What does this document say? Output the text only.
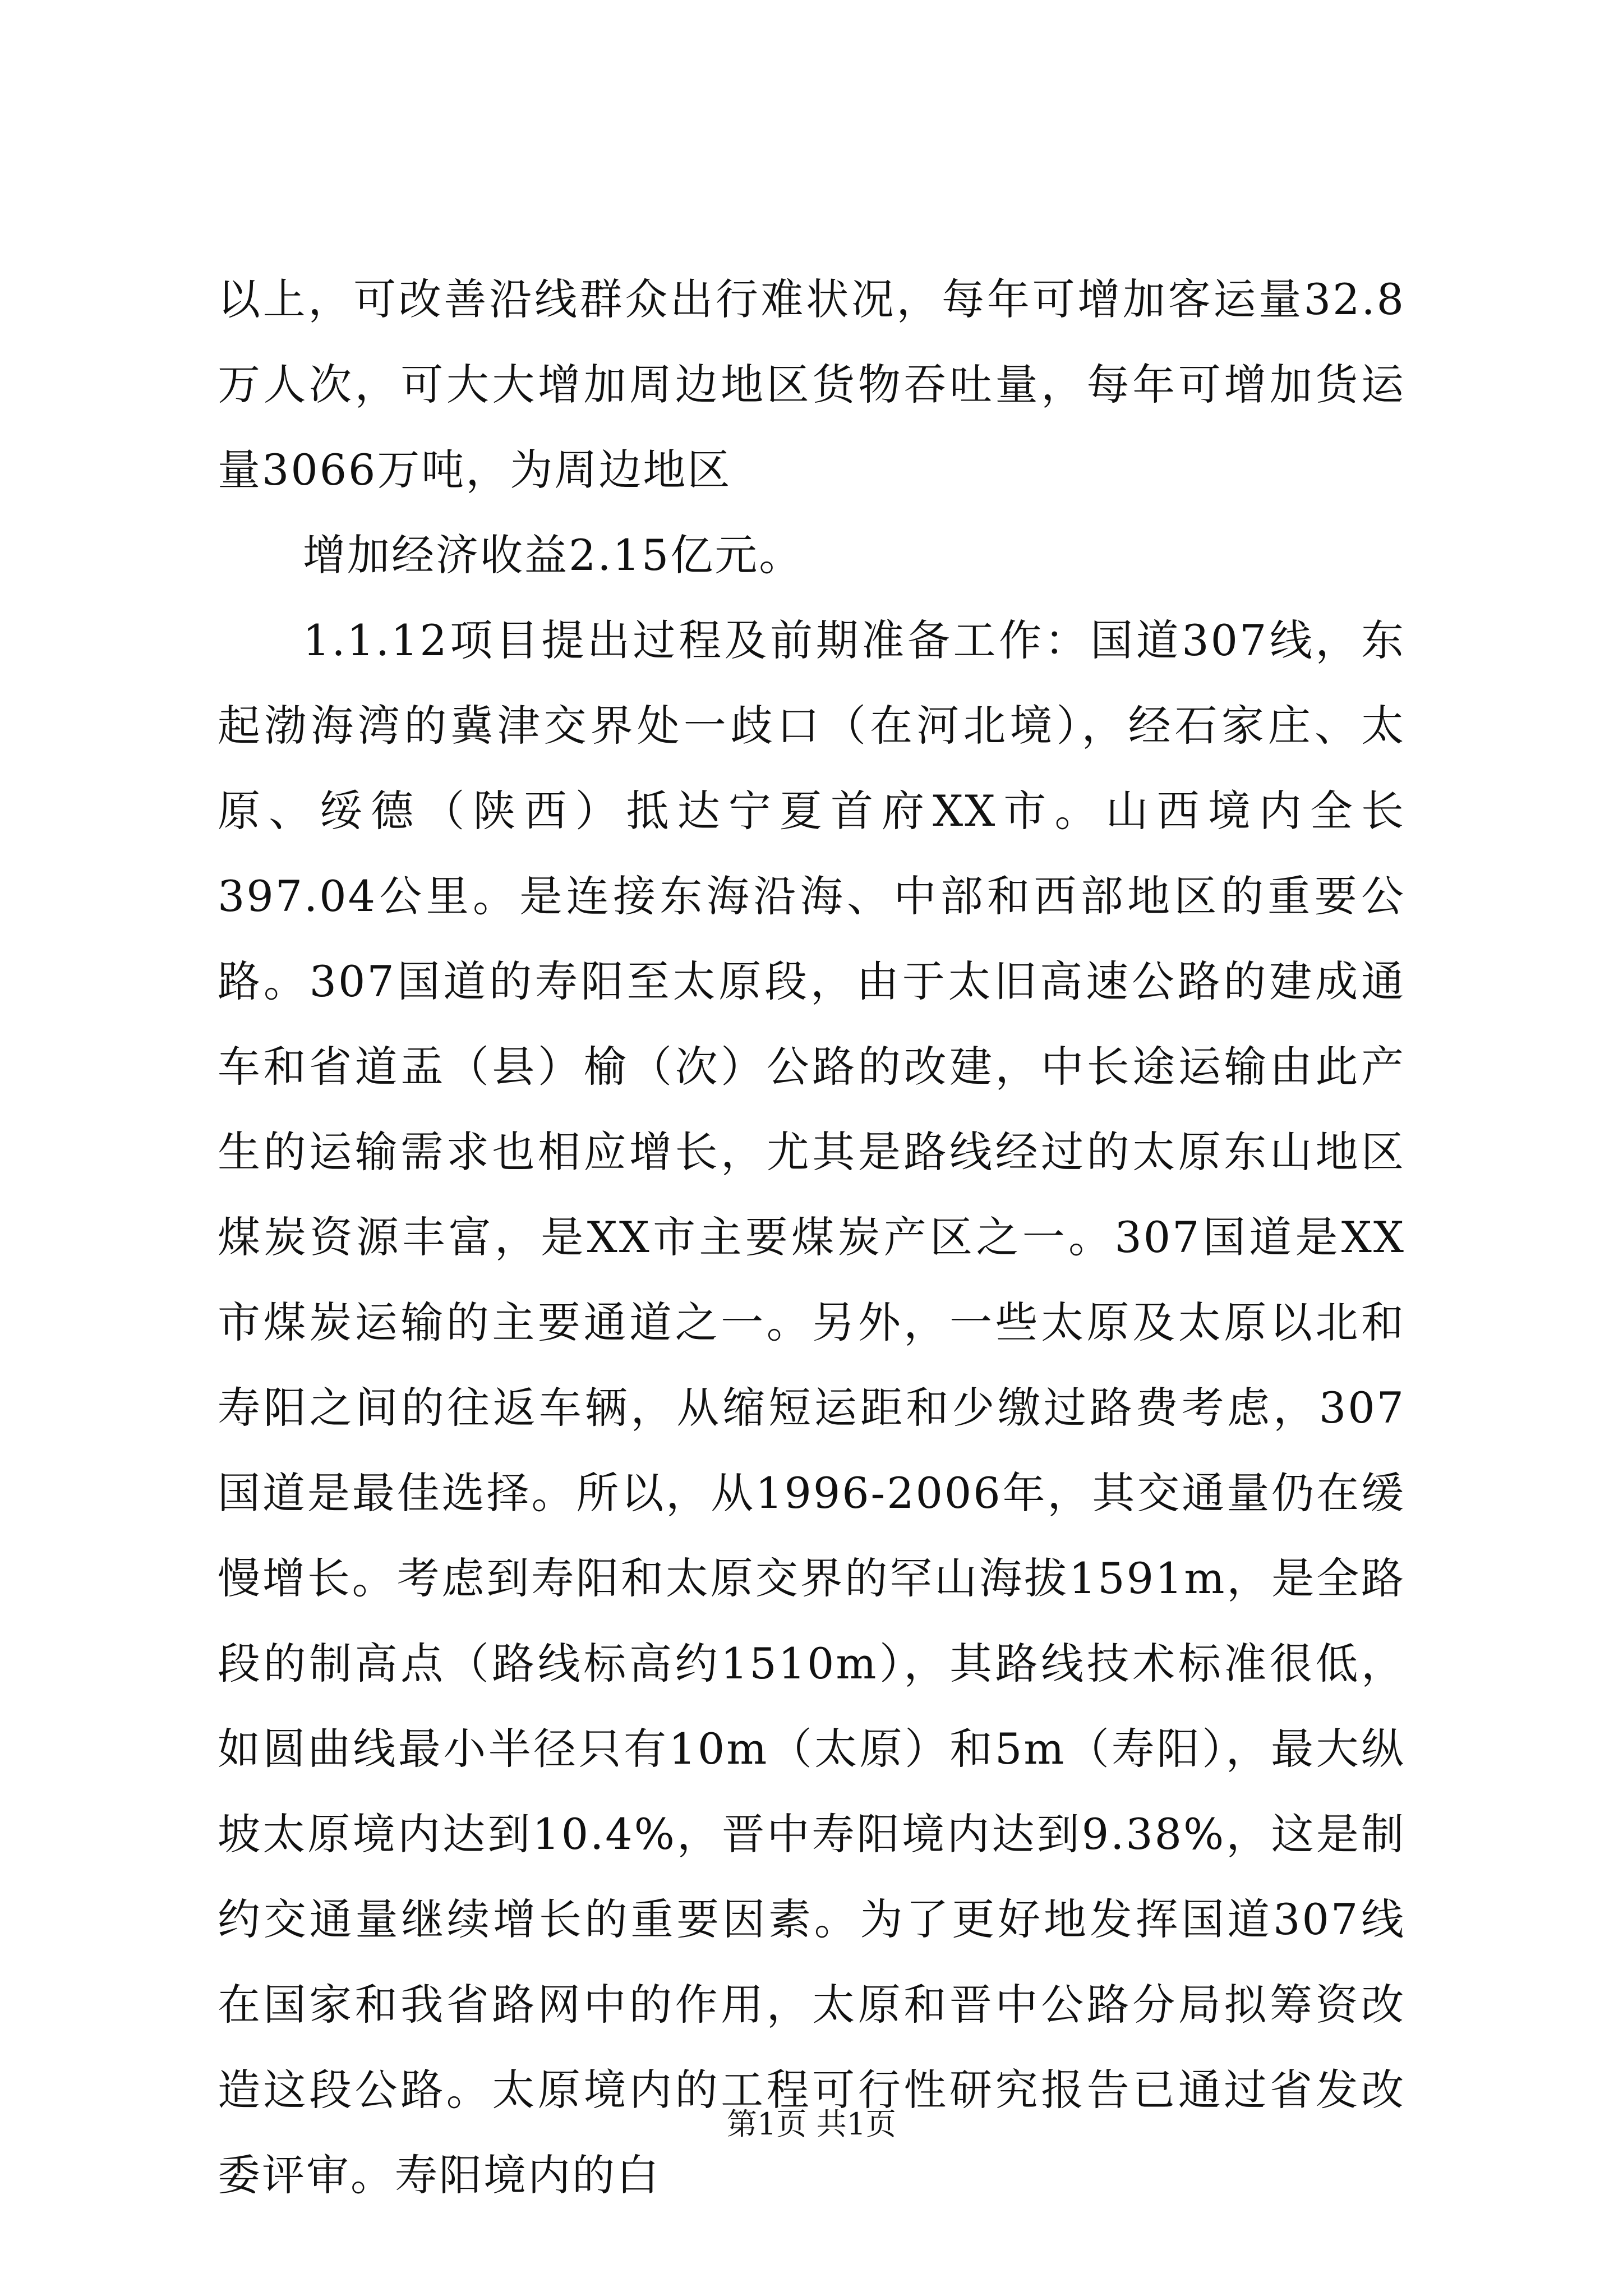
以上，可改善沿线群众出行难状况，每年可增加客运量32.8万人次，可大大增加周边地区货物吞吐量，每年可增加货运量3066万吨，为周边地区

增加经济收益2.15亿元。

1.1.12项目提出过程及前期准备工作：国道307线，东起渤海湾的冀津交界处一歧口（在河北境），经石家庄、太原、绥德（陕西）抵达宁夏首府XX市。山西境内全长397.04公里。是连接东海沿海、中部和西部地区的重要公路。307国道的寿阳至太原段，由于太旧高速公路的建成通车和省道盂（县）榆（次）公路的改建，中长途运输由此产生的运输需求也相应增长，尤其是路线经过的太原东山地区煤炭资源丰富，是XX市主要煤炭产区之一。307国道是XX市煤炭运输的主要通道之一。另外，一些太原及太原以北和寿阳之间的往返车辆，从缩短运距和少缴过路费考虑，307国道是最佳选择。所以，从1996-2006年，其交通量仍在缓慢增长。考虑到寿阳和太原交界的罕山海拔1591m，是全路段的制高点（路线标高约1510m），其路线技术标准很低，如圆曲线最小半径只有10m（太原）和5m（寿阳），最大纵坡太原境内达到10.4%，晋中寿阳境内达到9.38%，这是制约交通量继续增长的重要因素。为了更好地发挥国道307线在国家和我省路网中的作用，太原和晋中公路分局拟筹资改造这段公路。太原境内的工程可行性研究报告已通过省发改委评审。寿阳境内的白

第1页 共1页
